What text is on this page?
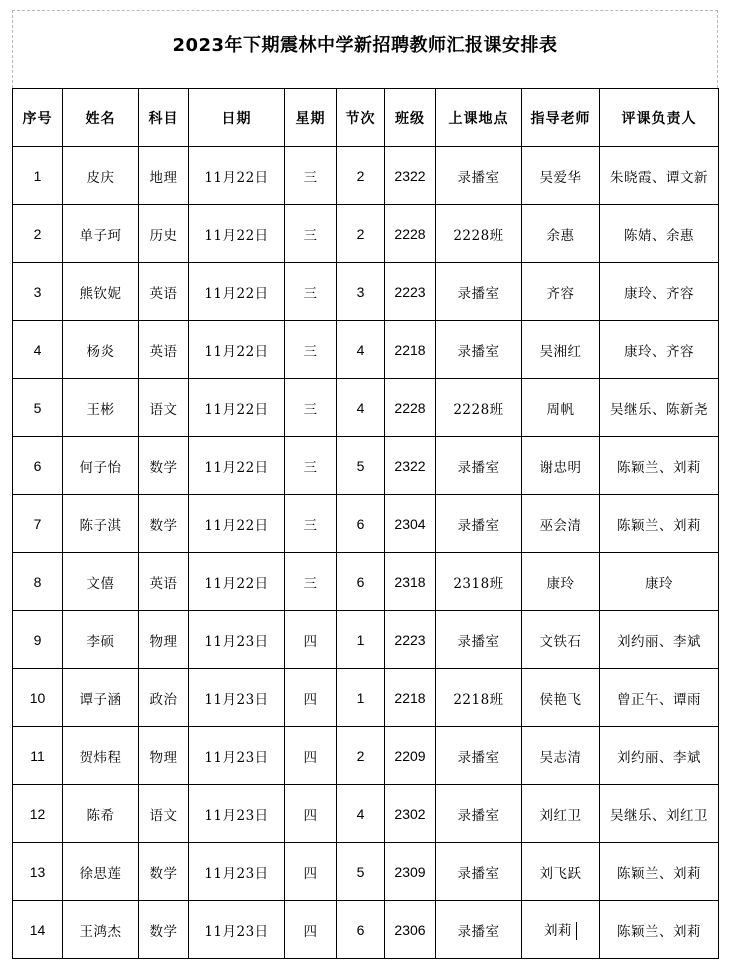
2023年下期震林中学新招聘教师汇报课安排表
序号	姓名	科目	日期	星期	节次	班级	上课地点	指导老师	评课负责人
1	皮庆	地理	11月22日	三	2	2322	录播室	吴爱华	朱晓霞、谭文新
2	单子珂	历史	11月22日	三	2	2228	2228班	余惠	陈婧、余惠
3	熊钦妮	英语	11月22日	三	3	2223	录播室	齐容	康玲、齐容
4	杨炎	英语	11月22日	三	4	2218	录播室	吴湘红	康玲、齐容
5	王彬	语文	11月22日	三	4	2228	2228班	周帆	吴继乐、陈新尧
6	何子怡	数学	11月22日	三	5	2322	录播室	谢忠明	陈颖兰、刘莉
7	陈子淇	数学	11月22日	三	6	2304	录播室	巫会清	陈颖兰、刘莉
8	文僖	英语	11月22日	三	6	2318	2318班	康玲	康玲
9	李硕	物理	11月23日	四	1	2223	录播室	文铁石	刘约丽、李斌
10	谭子涵	政治	11月23日	四	1	2218	2218班	侯艳飞	曾正午、谭雨
11	贺炜程	物理	11月23日	四	2	2209	录播室	吴志清	刘约丽、李斌
12	陈希	语文	11月23日	四	4	2302	录播室	刘红卫	吴继乐、刘红卫
13	徐思莲	数学	11月23日	四	5	2309	录播室	刘飞跃	陈颖兰、刘莉
14	王鸿杰	数学	11月23日	四	6	2306	录播室	刘莉	陈颖兰、刘莉
